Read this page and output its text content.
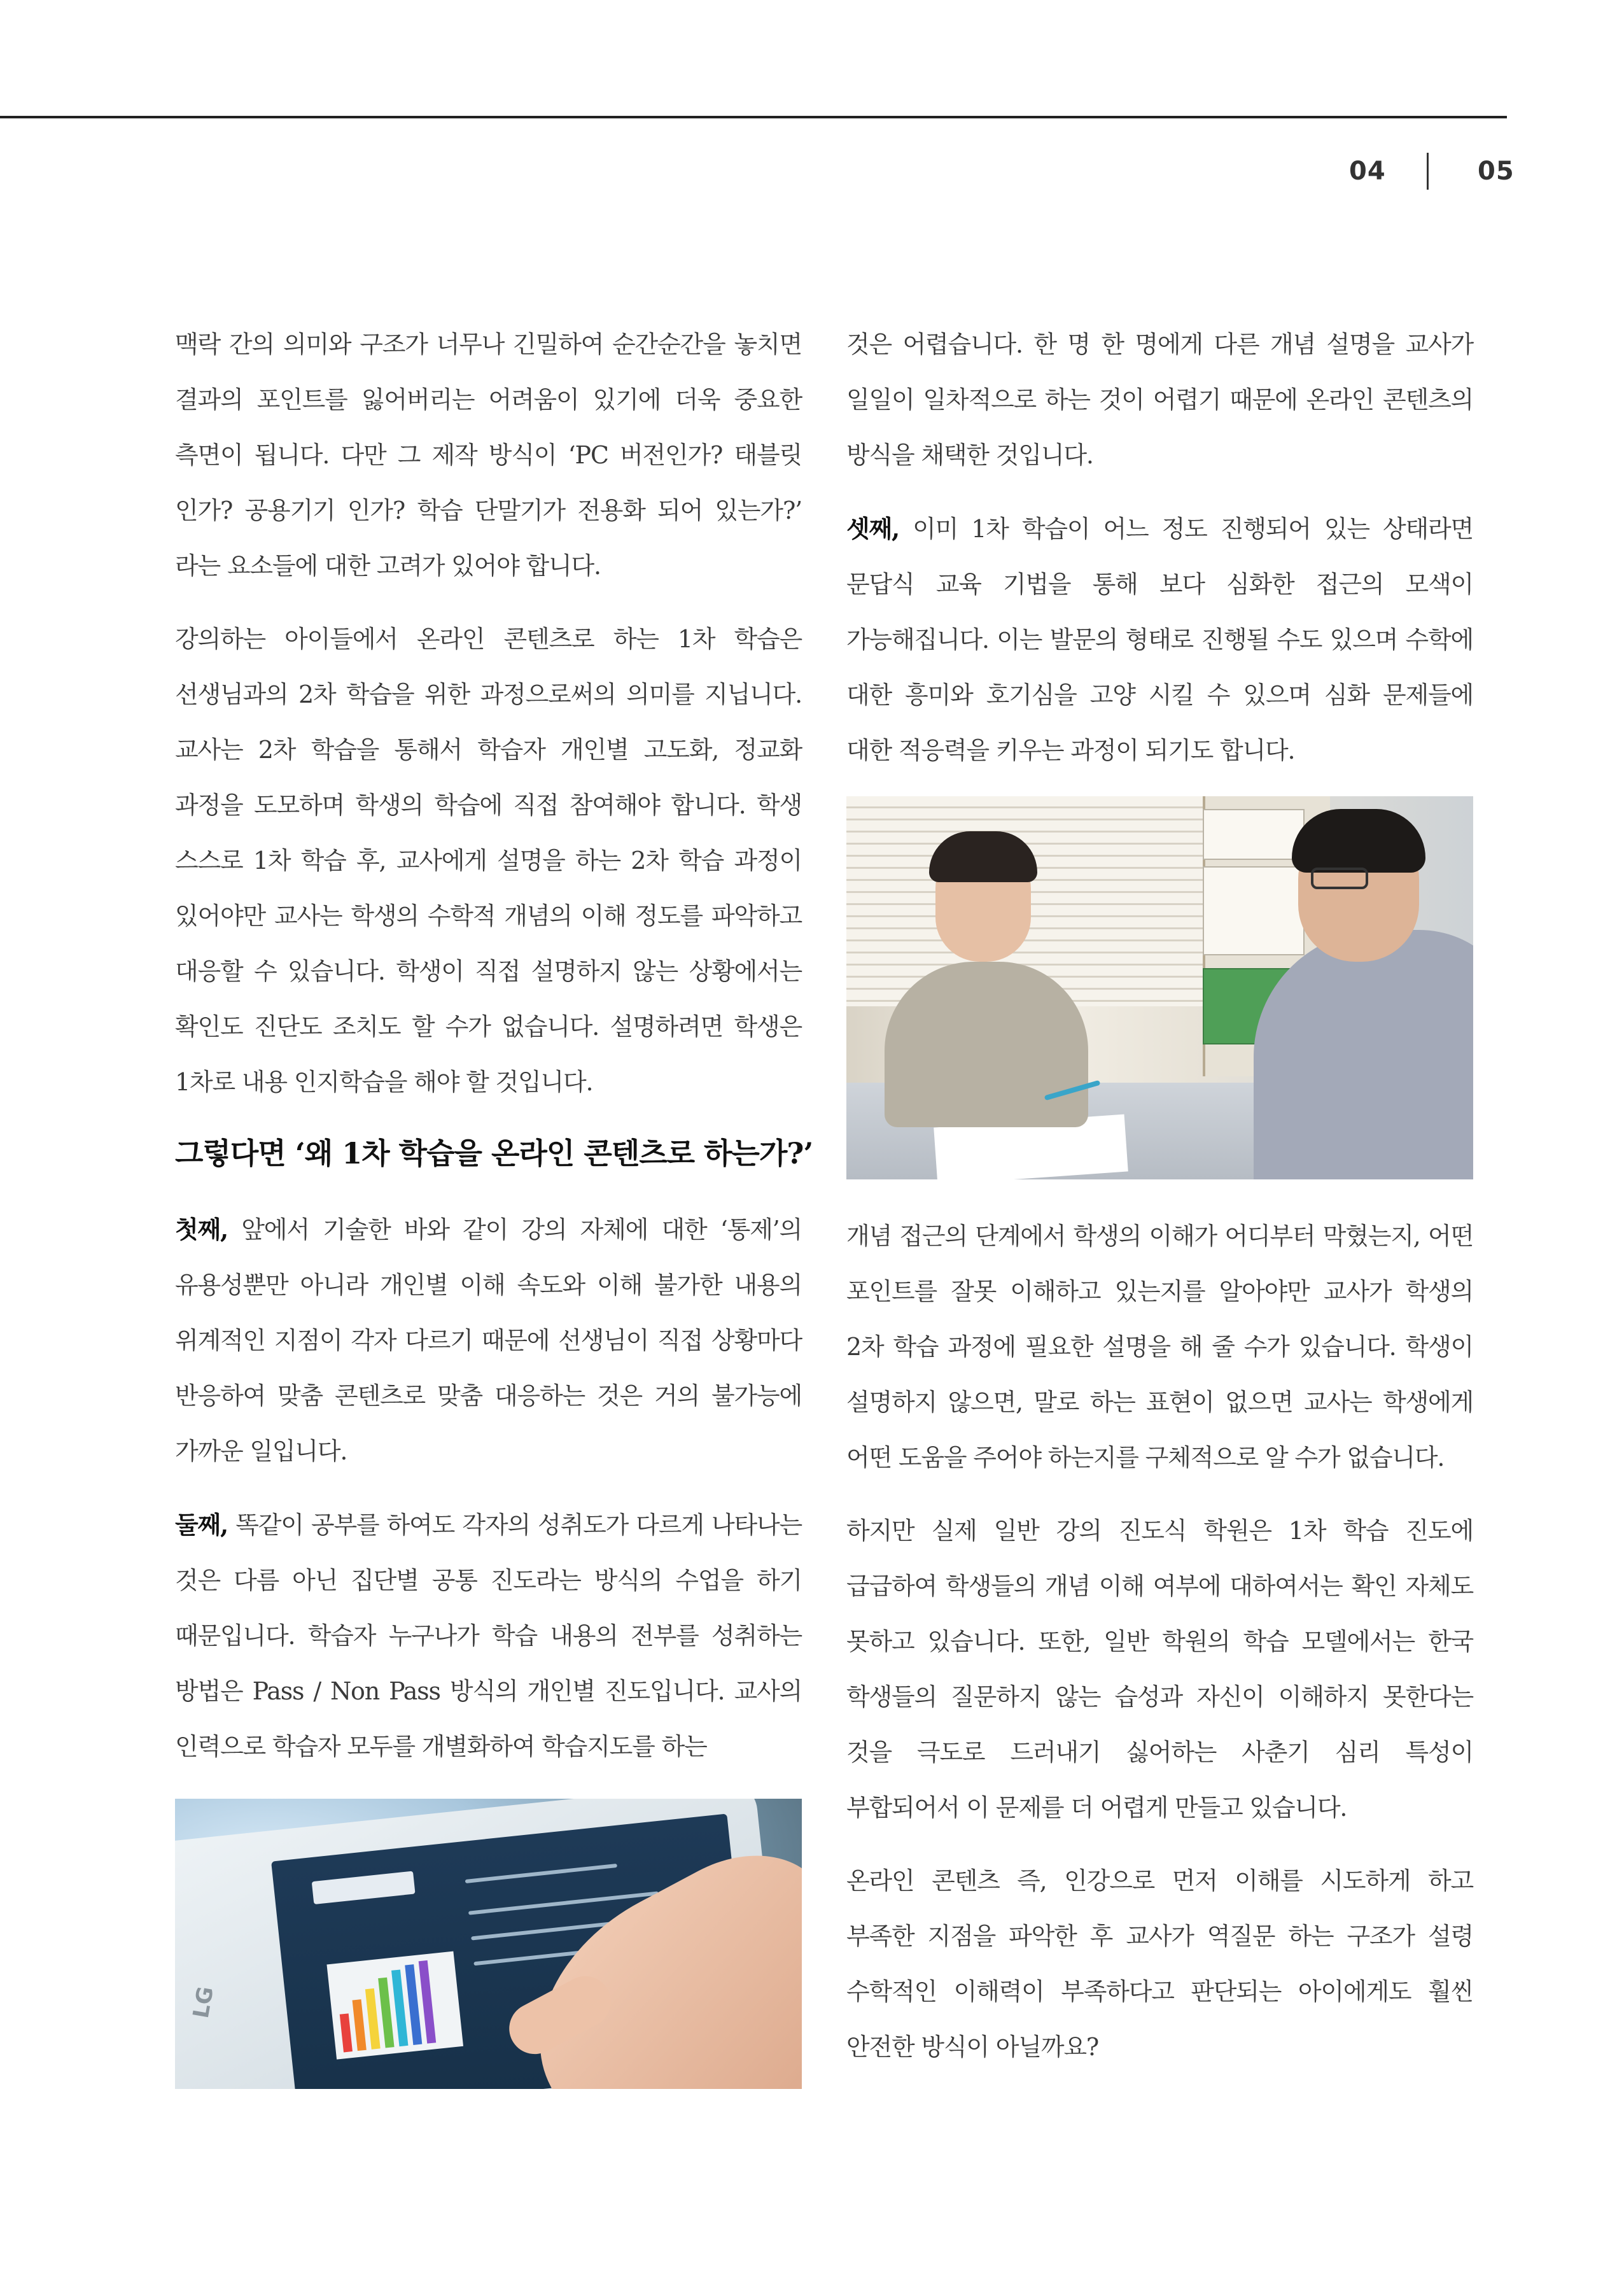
04	05

맥락 간의 의미와 구조가 너무나 긴밀하여 순간순간을 놓치면 결과의 포인트를 잃어버리는 어려움이 있기에 더욱 중요한 측면이 됩니다. 다만 그 제작 방식이 ‘PC 버전인가? 태블릿 인가? 공용기기 인가? 학습 단말기가 전용화 되어 있는가?’ 라는 요소들에 대한 고려가 있어야 합니다.

강의하는 아이들에서 온라인 콘텐츠로 하는 1차 학습은 선생님과의 2차 학습을 위한 과정으로써의 의미를 지닙니다. 교사는 2차 학습을 통해서 학습자 개인별 고도화, 정교화 과정을 도모하며 학생의 학습에 직접 참여해야 합니다. 학생 스스로 1차 학습 후, 교사에게 설명을 하는 2차 학습 과정이 있어야만 교사는 학생의 수학적 개념의 이해 정도를 파악하고 대응할 수 있습니다. 학생이 직접 설명하지 않는 상황에서는 확인도 진단도 조치도 할 수가 없습니다. 설명하려면 학생은 1차로 내용 인지학습을 해야 할 것입니다.

그렇다면 ‘왜 1차 학습을 온라인 콘텐츠로 하는가?’

첫째, 앞에서 기술한 바와 같이 강의 자체에 대한 ‘통제’의 유용성뿐만 아니라 개인별 이해 속도와 이해 불가한 내용의 위계적인 지점이 각자 다르기 때문에 선생님이 직접 상황마다 반응하여 맞춤 콘텐츠로 맞춤 대응하는 것은 거의 불가능에 가까운 일입니다.

둘째, 똑같이 공부를 하여도 각자의 성취도가 다르게 나타나는 것은 다름 아닌 집단별 공통 진도라는 방식의 수업을 하기 때문입니다. 학습자 누구나가 학습 내용의 전부를 성취하는 방법은 Pass / Non Pass 방식의 개인별 진도입니다. 교사의 인력으로 학습자 모두를 개별화하여 학습지도를 하는

LG

것은 어렵습니다. 한 명 한 명에게 다른 개념 설명을 교사가 일일이 일차적으로 하는 것이 어렵기 때문에 온라인 콘텐츠의 방식을 채택한 것입니다.

셋째, 이미 1차 학습이 어느 정도 진행되어 있는 상태라면 문답식 교육 기법을 통해 보다 심화한 접근의 모색이 가능해집니다. 이는 발문의 형태로 진행될 수도 있으며 수학에 대한 흥미와 호기심을 고양 시킬 수 있으며 심화 문제들에 대한 적응력을 키우는 과정이 되기도 합니다.

개념 접근의 단계에서 학생의 이해가 어디부터 막혔는지, 어떤 포인트를 잘못 이해하고 있는지를 알아야만 교사가 학생의 2차 학습 과정에 필요한 설명을 해 줄 수가 있습니다. 학생이 설명하지 않으면, 말로 하는 표현이 없으면 교사는 학생에게 어떤 도움을 주어야 하는지를 구체적으로 알 수가 없습니다.

하지만 실제 일반 강의 진도식 학원은 1차 학습 진도에 급급하여 학생들의 개념 이해 여부에 대하여서는 확인 자체도 못하고 있습니다. 또한, 일반 학원의 학습 모델에서는 한국 학생들의 질문하지 않는 습성과 자신이 이해하지 못한다는 것을 극도로 드러내기 싫어하는 사춘기 심리 특성이 부합되어서 이 문제를 더 어렵게 만들고 있습니다.

온라인 콘텐츠 즉, 인강으로 먼저 이해를 시도하게 하고 부족한 지점을 파악한 후 교사가 역질문 하는 구조가 설령 수학적인 이해력이 부족하다고 판단되는 아이에게도 훨씬 안전한 방식이 아닐까요?
